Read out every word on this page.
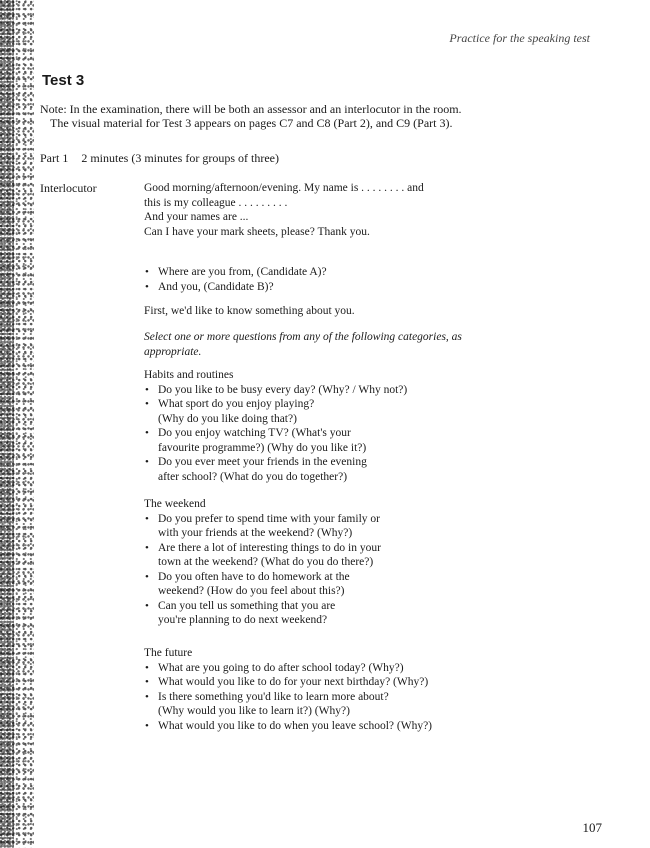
Practice for the speaking test
Test 3
Note: In the examination, there will be both an assessor and an interlocutor in the room.
The visual material for Test 3 appears on pages C7 and C8 (Part 2), and C9 (Part 3).
Part 1 2 minutes (3 minutes for groups of three)
Interlocutor	Good morning/afternoon/evening. My name is . . . . . . . . and
this is my colleague . . . . . . . . .
And your names are ...
Can I have your mark sheets, please? Thank you.
• Where are you from, (Candidate A)?
• And you, (Candidate B)?
First, we'd like to know something about you.
Select one or more questions from any of the following categories, as appropriate.
Habits and routines
• Do you like to be busy every day? (Why? / Why not?)
• What sport do you enjoy playing?
(Why do you like doing that?)
• Do you enjoy watching TV? (What's your
favourite programme?) (Why do you like it?)
• Do you ever meet your friends in the evening
after school? (What do you do together?)
The weekend
• Do you prefer to spend time with your family or
with your friends at the weekend? (Why?)
• Are there a lot of interesting things to do in your
town at the weekend? (What do you do there?)
• Do you often have to do homework at the
weekend? (How do you feel about this?)
• Can you tell us something that you are
you're planning to do next weekend?
The future
• What are you going to do after school today? (Why?)
• What would you like to do for your next birthday? (Why?)
• Is there something you'd like to learn more about?
(Why would you like to learn it?) (Why?)
• What would you like to do when you leave school? (Why?)
107
